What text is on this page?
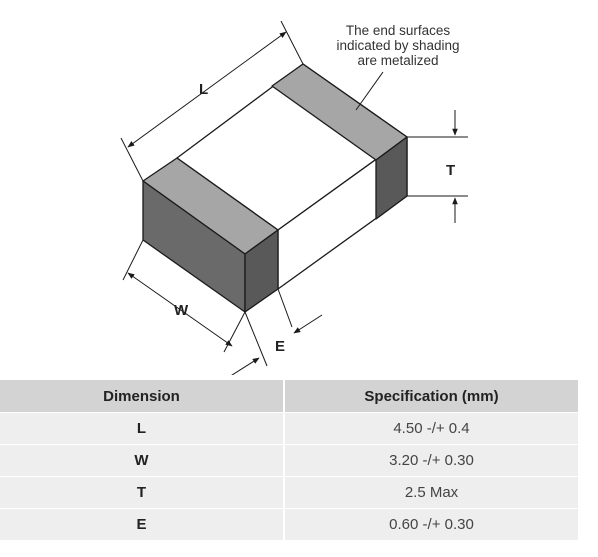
L
W
T
E
The end surfaces
indicated by shading
are metalized
Dimension	Specification (mm)
L	4.50 -/+ 0.4
W	3.20 -/+ 0.30
T	2.5 Max
E	0.60 -/+ 0.30
